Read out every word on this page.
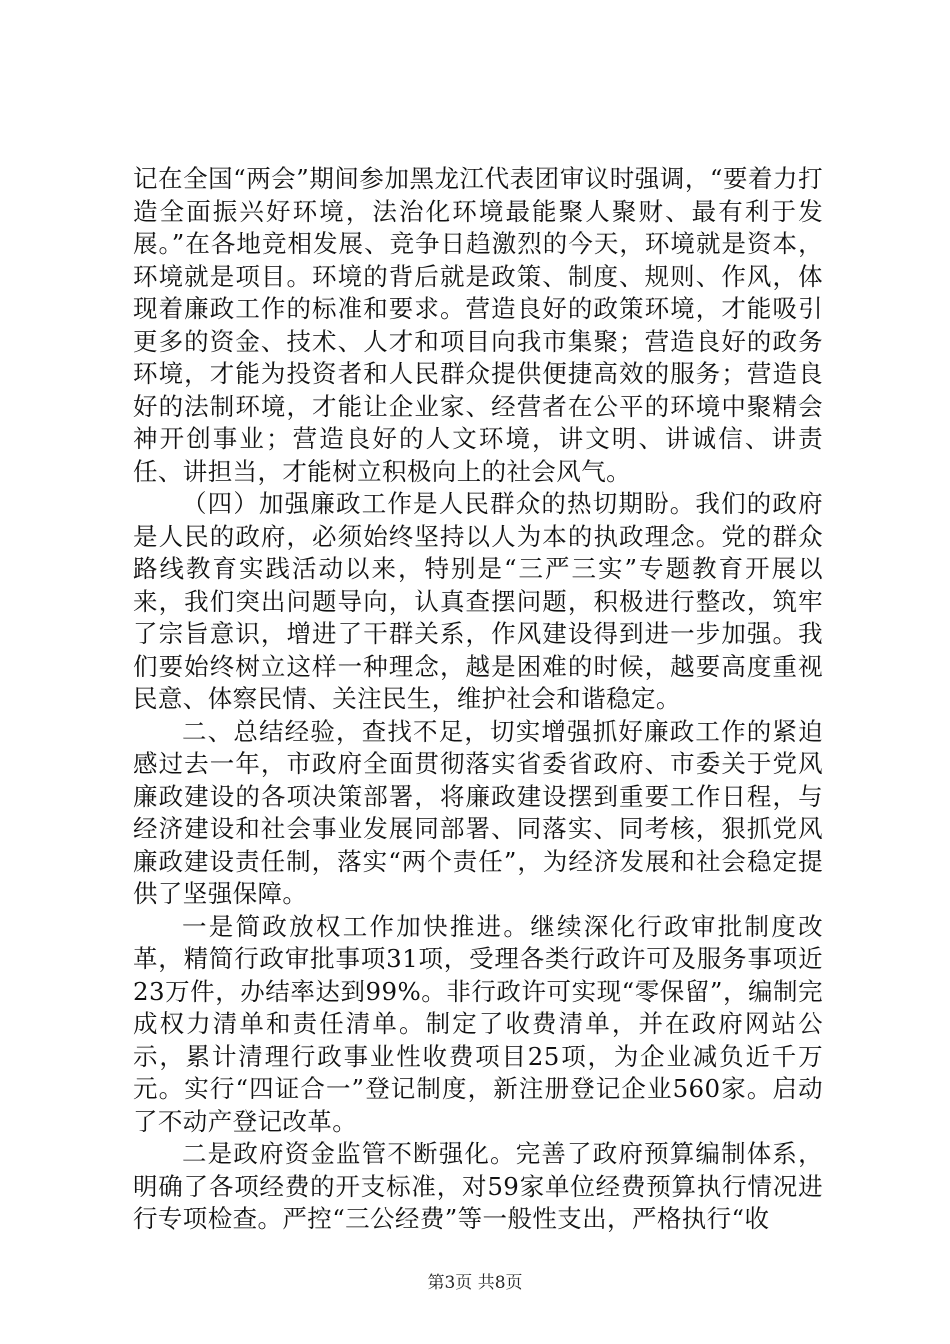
记在全国“两会”期间参加黑龙江代表团审议时强调，“要着力打造全面振兴好环境，法治化环境最能聚人聚财、最有利于发展。”在各地竞相发展、竞争日趋激烈的今天，环境就是资本，环境就是项目。环境的背后就是政策、制度、规则、作风，体现着廉政工作的标准和要求。营造良好的政策环境，才能吸引更多的资金、技术、人才和项目向我市集聚；营造良好的政务环境，才能为投资者和人民群众提供便捷高效的服务；营造良好的法制环境，才能让企业家、经营者在公平的环境中聚精会神开创事业；营造良好的人文环境，讲文明、讲诚信、讲责任、讲担当，才能树立积极向上的社会风气。

（四）加强廉政工作是人民群众的热切期盼。我们的政府是人民的政府，必须始终坚持以人为本的执政理念。党的群众路线教育实践活动以来，特别是“三严三实”专题教育开展以来，我们突出问题导向，认真查摆问题，积极进行整改，筑牢了宗旨意识，增进了干群关系，作风建设得到进一步加强。我们要始终树立这样一种理念，越是困难的时候，越要高度重视民意、体察民情、关注民生，维护社会和谐稳定。

二、总结经验，查找不足，切实增强抓好廉政工作的紧迫感过去一年，市政府全面贯彻落实省委省政府、市委关于党风廉政建设的各项决策部署，将廉政建设摆到重要工作日程，与经济建设和社会事业发展同部署、同落实、同考核，狠抓党风廉政建设责任制，落实“两个责任”，为经济发展和社会稳定提供了坚强保障。

一是简政放权工作加快推进。继续深化行政审批制度改革，精简行政审批事项31项，受理各类行政许可及服务事项近23万件，办结率达到99%。非行政许可实现“零保留”，编制完成权力清单和责任清单。制定了收费清单，并在政府网站公示，累计清理行政事业性收费项目25项，为企业减负近千万元。实行“四证合一”登记制度，新注册登记企业560家。启动了不动产登记改革。

二是政府资金监管不断强化。完善了政府预算编制体系，明确了各项经费的开支标准，对59家单位经费预算执行情况进行专项检查。严控“三公经费”等一般性支出，严格执行“收

第3页 共8页
